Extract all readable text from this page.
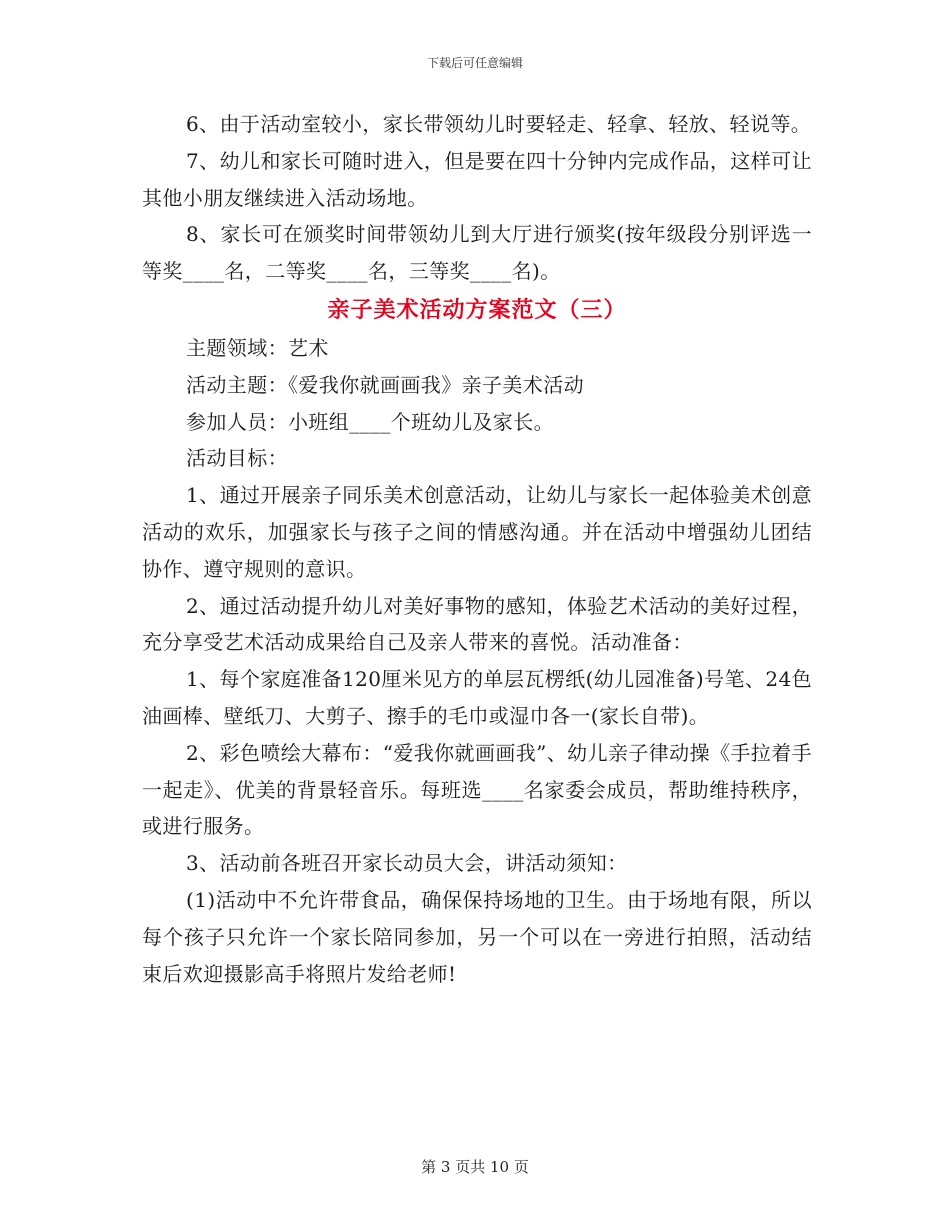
下载后可任意编辑

6、由于活动室较小，家长带领幼儿时要轻走、轻拿、轻放、轻说等。

7、幼儿和家长可随时进入，但是要在四十分钟内完成作品，这样可让其他小朋友继续进入活动场地。

8、家长可在颁奖时间带领幼儿到大厅进行颁奖(按年级段分别评选一等奖____名，二等奖____名，三等奖____名)。

亲子美术活动方案范文（三）

主题领域：艺术

活动主题：《爱我你就画画我》亲子美术活动

参加人员：小班组____个班幼儿及家长。

活动目标：

1、通过开展亲子同乐美术创意活动，让幼儿与家长一起体验美术创意活动的欢乐，加强家长与孩子之间的情感沟通。并在活动中增强幼儿团结协作、遵守规则的意识。

2、通过活动提升幼儿对美好事物的感知，体验艺术活动的美好过程，充分享受艺术活动成果给自己及亲人带来的喜悦。活动准备：

1、每个家庭准备120厘米见方的单层瓦楞纸(幼儿园准备)号笔、24色油画棒、壁纸刀、大剪子、擦手的毛巾或湿巾各一(家长自带)。

2、彩色喷绘大幕布：“爱我你就画画我”、幼儿亲子律动操《手拉着手一起走》、优美的背景轻音乐。每班选____名家委会成员，帮助维持秩序，或进行服务。

3、活动前各班召开家长动员大会，讲活动须知：

(1)活动中不允许带食品，确保保持场地的卫生。由于场地有限，所以每个孩子只允许一个家长陪同参加，另一个可以在一旁进行拍照，活动结束后欢迎摄影高手将照片发给老师!

第 3 页共 10 页
